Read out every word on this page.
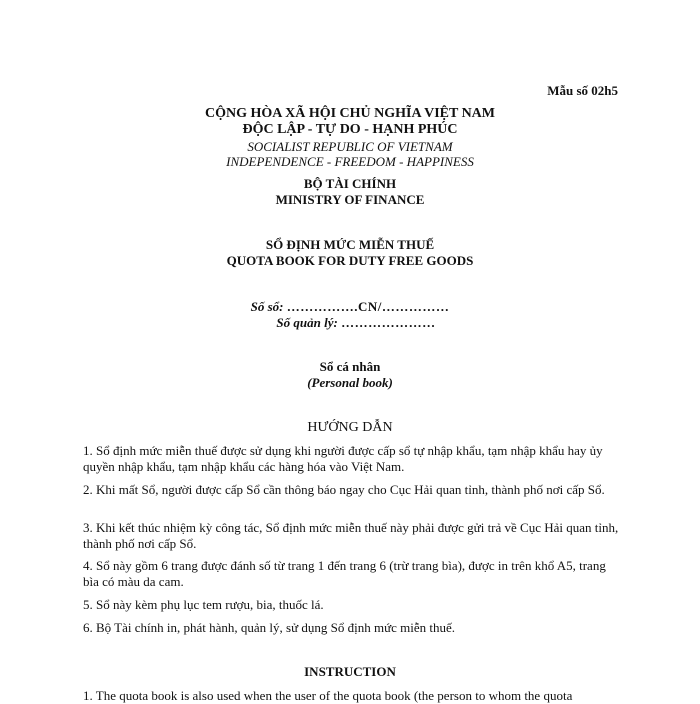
Mẫu số 02h5
CỘNG HÒA XÃ HỘI CHỦ NGHĨA VIỆT NAM
ĐỘC LẬP - TỰ DO - HẠNH PHÚC
SOCIALIST REPUBLIC OF VIETNAM
INDEPENDENCE - FREEDOM - HAPPINESS
BỘ TÀI CHÍNH
MINISTRY OF FINANCE
SỔ ĐỊNH MỨC MIỄN THUẾ
QUOTA BOOK FOR DUTY FREE GOODS
Số sổ: …………….CN/……………
Số quản lý: …………………
Sổ cá nhân
(Personal book)
HƯỚNG DẪN
1. Sổ định mức miễn thuế được sử dụng khi người được cấp sổ tự nhập khẩu, tạm nhập khẩu hay ủy quyền nhập khẩu, tạm nhập khẩu các hàng hóa vào Việt Nam.
2. Khi mất Sổ, người được cấp Sổ cần thông báo ngay cho Cục Hải quan tỉnh, thành phố nơi cấp Sổ.
3. Khi kết thúc nhiệm kỳ công tác, Sổ định mức miễn thuế này phải được gửi trả về Cục Hải quan tỉnh, thành phố nơi cấp Sổ.
4. Sổ này gồm 6 trang được đánh số từ trang 1 đến trang 6 (trừ trang bìa), được in trên khổ A5, trang bìa có màu da cam.
5. Sổ này kèm phụ lục tem rượu, bia, thuốc lá.
6. Bộ Tài chính in, phát hành, quản lý, sử dụng Sổ định mức miễn thuế.
INSTRUCTION
1. The quota book is also used when the user of the quota book (the person to whom the quota
